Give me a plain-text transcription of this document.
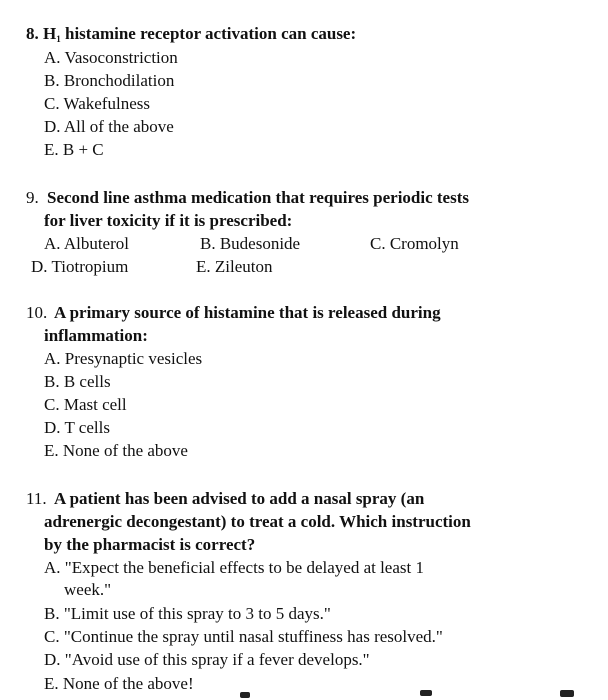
8. $H_1$ histamine receptor activation can cause:
A. Vasoconstriction
B. Bronchodilation
C. Wakefulness
D. All of the above
E. B + C
9. Second line asthma medication that requires periodic tests
for liver toxicity if it is prescribed:
A. Albuterol	B. Budesonide	C. Cromolyn
D. Tiotropium	E. Zileuton
10. A primary source of histamine that is released during
inflammation:
A. Presynaptic vesicles
B. B cells
C. Mast cell
D. T cells
E. None of the above
11. A patient has been advised to add a nasal spray (an
adrenergic decongestant) to treat a cold. Which instruction
by the pharmacist is correct?
A. "Expect the beneficial effects to be delayed at least 1
week."
B. "Limit use of this spray to 3 to 5 days."
C. "Continue the spray until nasal stuffiness has resolved."
D. "Avoid use of this spray if a fever develops."
E. None of the above!
